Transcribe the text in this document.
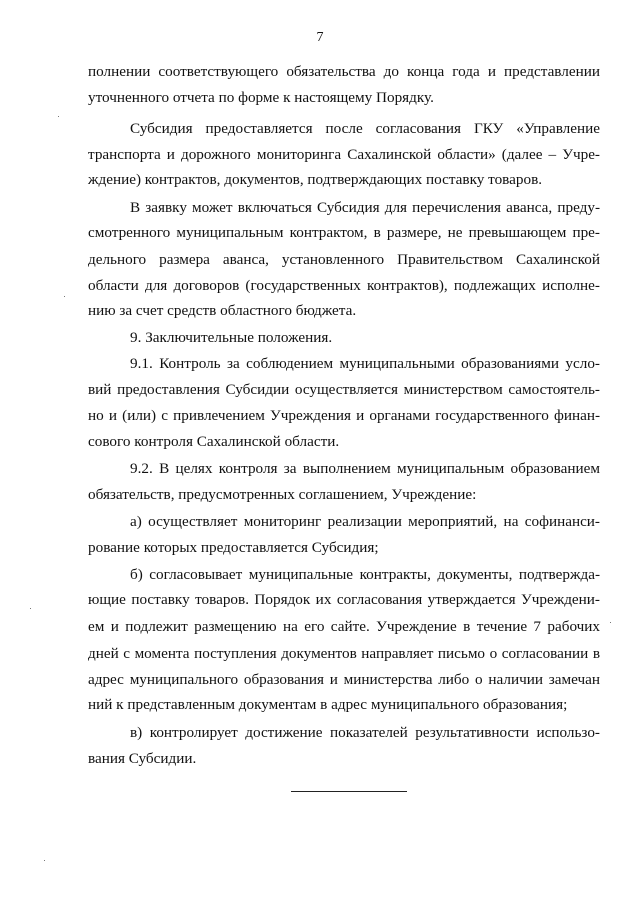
7
полнении соответствующего обязательства до конца года и представлении
уточненного отчета по форме к настоящему Порядку.
Субсидия предоставляется после согласования ГКУ «Управление
транспорта и дорожного мониторинга Сахалинской области» (далее – Учре-
ждение) контрактов, документов, подтверждающих поставку товаров.
В заявку может включаться Субсидия для перечисления аванса, преду-
смотренного муниципальным контрактом, в размере, не превышающем пре-
дельного размера аванса, установленного Правительством Сахалинской
области для договоров (государственных контрактов), подлежащих исполне-
нию за счет средств областного бюджета.
9. Заключительные положения.
9.1. Контроль за соблюдением муниципальными образованиями усло-
вий предоставления Субсидии осуществляется министерством самостоятель-
но и (или) с привлечением Учреждения и органами государственного финан-
сового контроля Сахалинской области.
9.2. В целях контроля за выполнением муниципальным образованием
обязательств, предусмотренных соглашением, Учреждение:
а) осуществляет мониторинг реализации мероприятий, на софинанси-
рование которых предоставляется Субсидия;
б) согласовывает муниципальные контракты, документы, подтвержда-
ющие поставку товаров. Порядок их согласования утверждается Учреждени-
ем и подлежит размещению на его сайте. Учреждение в течение 7 рабочих
дней с момента поступления документов направляет письмо о согласовании в
адрес муниципального образования и министерства либо о наличии замечан
ний к представленным документам в адрес муниципального образования;
в) контролирует достижение показателей результативности использо-
вания Субсидии.
